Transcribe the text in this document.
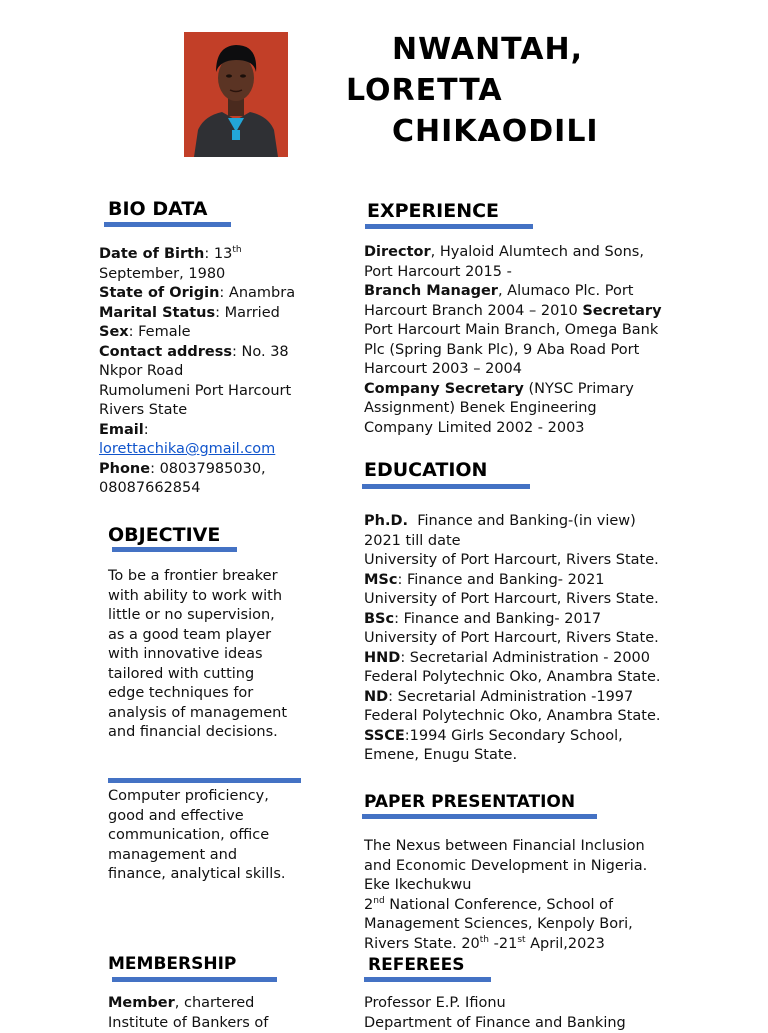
NWANTAH,
LORETTA
CHIKAODILI
BIO DATA
Date of Birth: 13th
September, 1980
State of Origin: Anambra
Marital Status: Married
Sex: Female
Contact address: No. 38
Nkpor Road
Rumolumeni Port Harcourt
Rivers State
Email:
lorettachika@gmail.com
Phone: 08037985030,
08087662854
OBJECTIVE
To be a frontier breaker
with ability to work with
little or no supervision,
as a good team player
with innovative ideas
tailored with cutting
edge techniques for
analysis of management
and financial decisions.
Computer proficiency,
good and effective
communication, office
management and
finance, analytical skills.
MEMBERSHIP
Member, chartered
Institute of Bankers of
EXPERIENCE
Director, Hyaloid Alumtech and Sons,
Port Harcourt 2015 -
Branch Manager, Alumaco Plc. Port
Harcourt Branch 2004 – 2010 Secretary
Port Harcourt Main Branch, Omega Bank
Plc (Spring Bank Plc), 9 Aba Road Port
Harcourt 2003 – 2004
Company Secretary (NYSC Primary
Assignment) Benek Engineering
Company Limited 2002 - 2003
EDUCATION
Ph.D.  Finance and Banking-(in view)
2021 till date
University of Port Harcourt, Rivers State.
MSc: Finance and Banking- 2021
University of Port Harcourt, Rivers State.
BSc: Finance and Banking- 2017
University of Port Harcourt, Rivers State.
HND: Secretarial Administration - 2000
Federal Polytechnic Oko, Anambra State.
ND: Secretarial Administration -1997
Federal Polytechnic Oko, Anambra State.
SSCE:1994 Girls Secondary School,
Emene, Enugu State.
PAPER PRESENTATION
The Nexus between Financial Inclusion
and Economic Development in Nigeria.
Eke Ikechukwu
2nd National Conference, School of
Management Sciences, Kenpoly Bori,
Rivers State. 20th -21st April,2023
REFEREES
Professor E.P. Ifionu
Department of Finance and Banking
